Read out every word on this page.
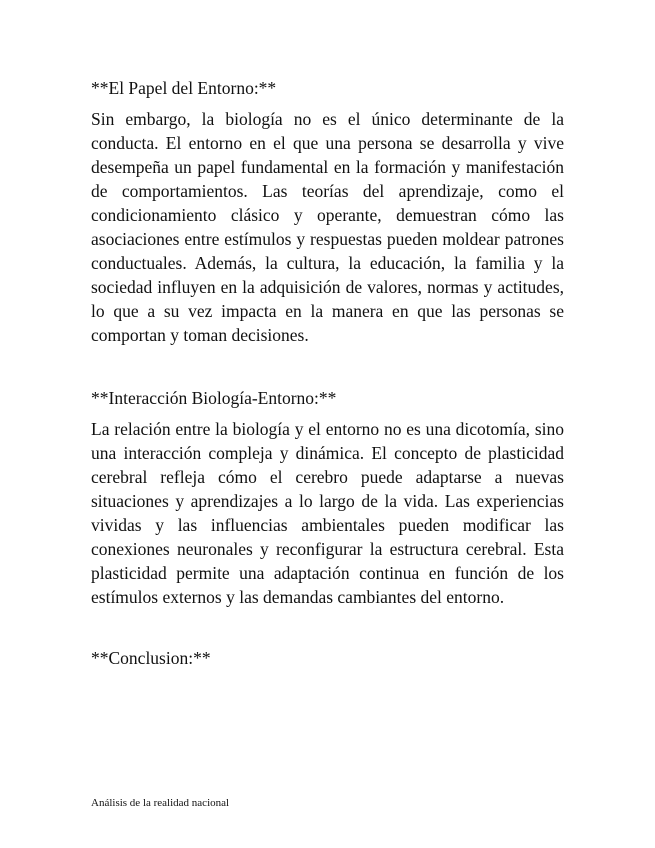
**El Papel del Entorno:**

Sin embargo, la biología no es el único determinante de la conducta. El entorno en el que una persona se desarrolla y vive desempeña un papel fundamental en la formación y manifestación de comportamientos. Las teorías del aprendizaje, como el condicionamiento clásico y operante, demuestran cómo las asociaciones entre estímulos y respuestas pueden moldear patrones conductuales. Además, la cultura, la educación, la familia y la sociedad influyen en la adquisición de valores, normas y actitudes, lo que a su vez impacta en la manera en que las personas se comportan y toman decisiones.

**Interacción Biología-Entorno:**

La relación entre la biología y el entorno no es una dicotomía, sino una interacción compleja y dinámica. El concepto de plasticidad cerebral refleja cómo el cerebro puede adaptarse a nuevas situaciones y aprendizajes a lo largo de la vida. Las experiencias vividas y las influencias ambientales pueden modificar las conexiones neuronales y reconfigurar la estructura cerebral. Esta plasticidad permite una adaptación continua en función de los estímulos externos y las demandas cambiantes del entorno.

**Conclusion:**

Análisis de la realidad nacional
